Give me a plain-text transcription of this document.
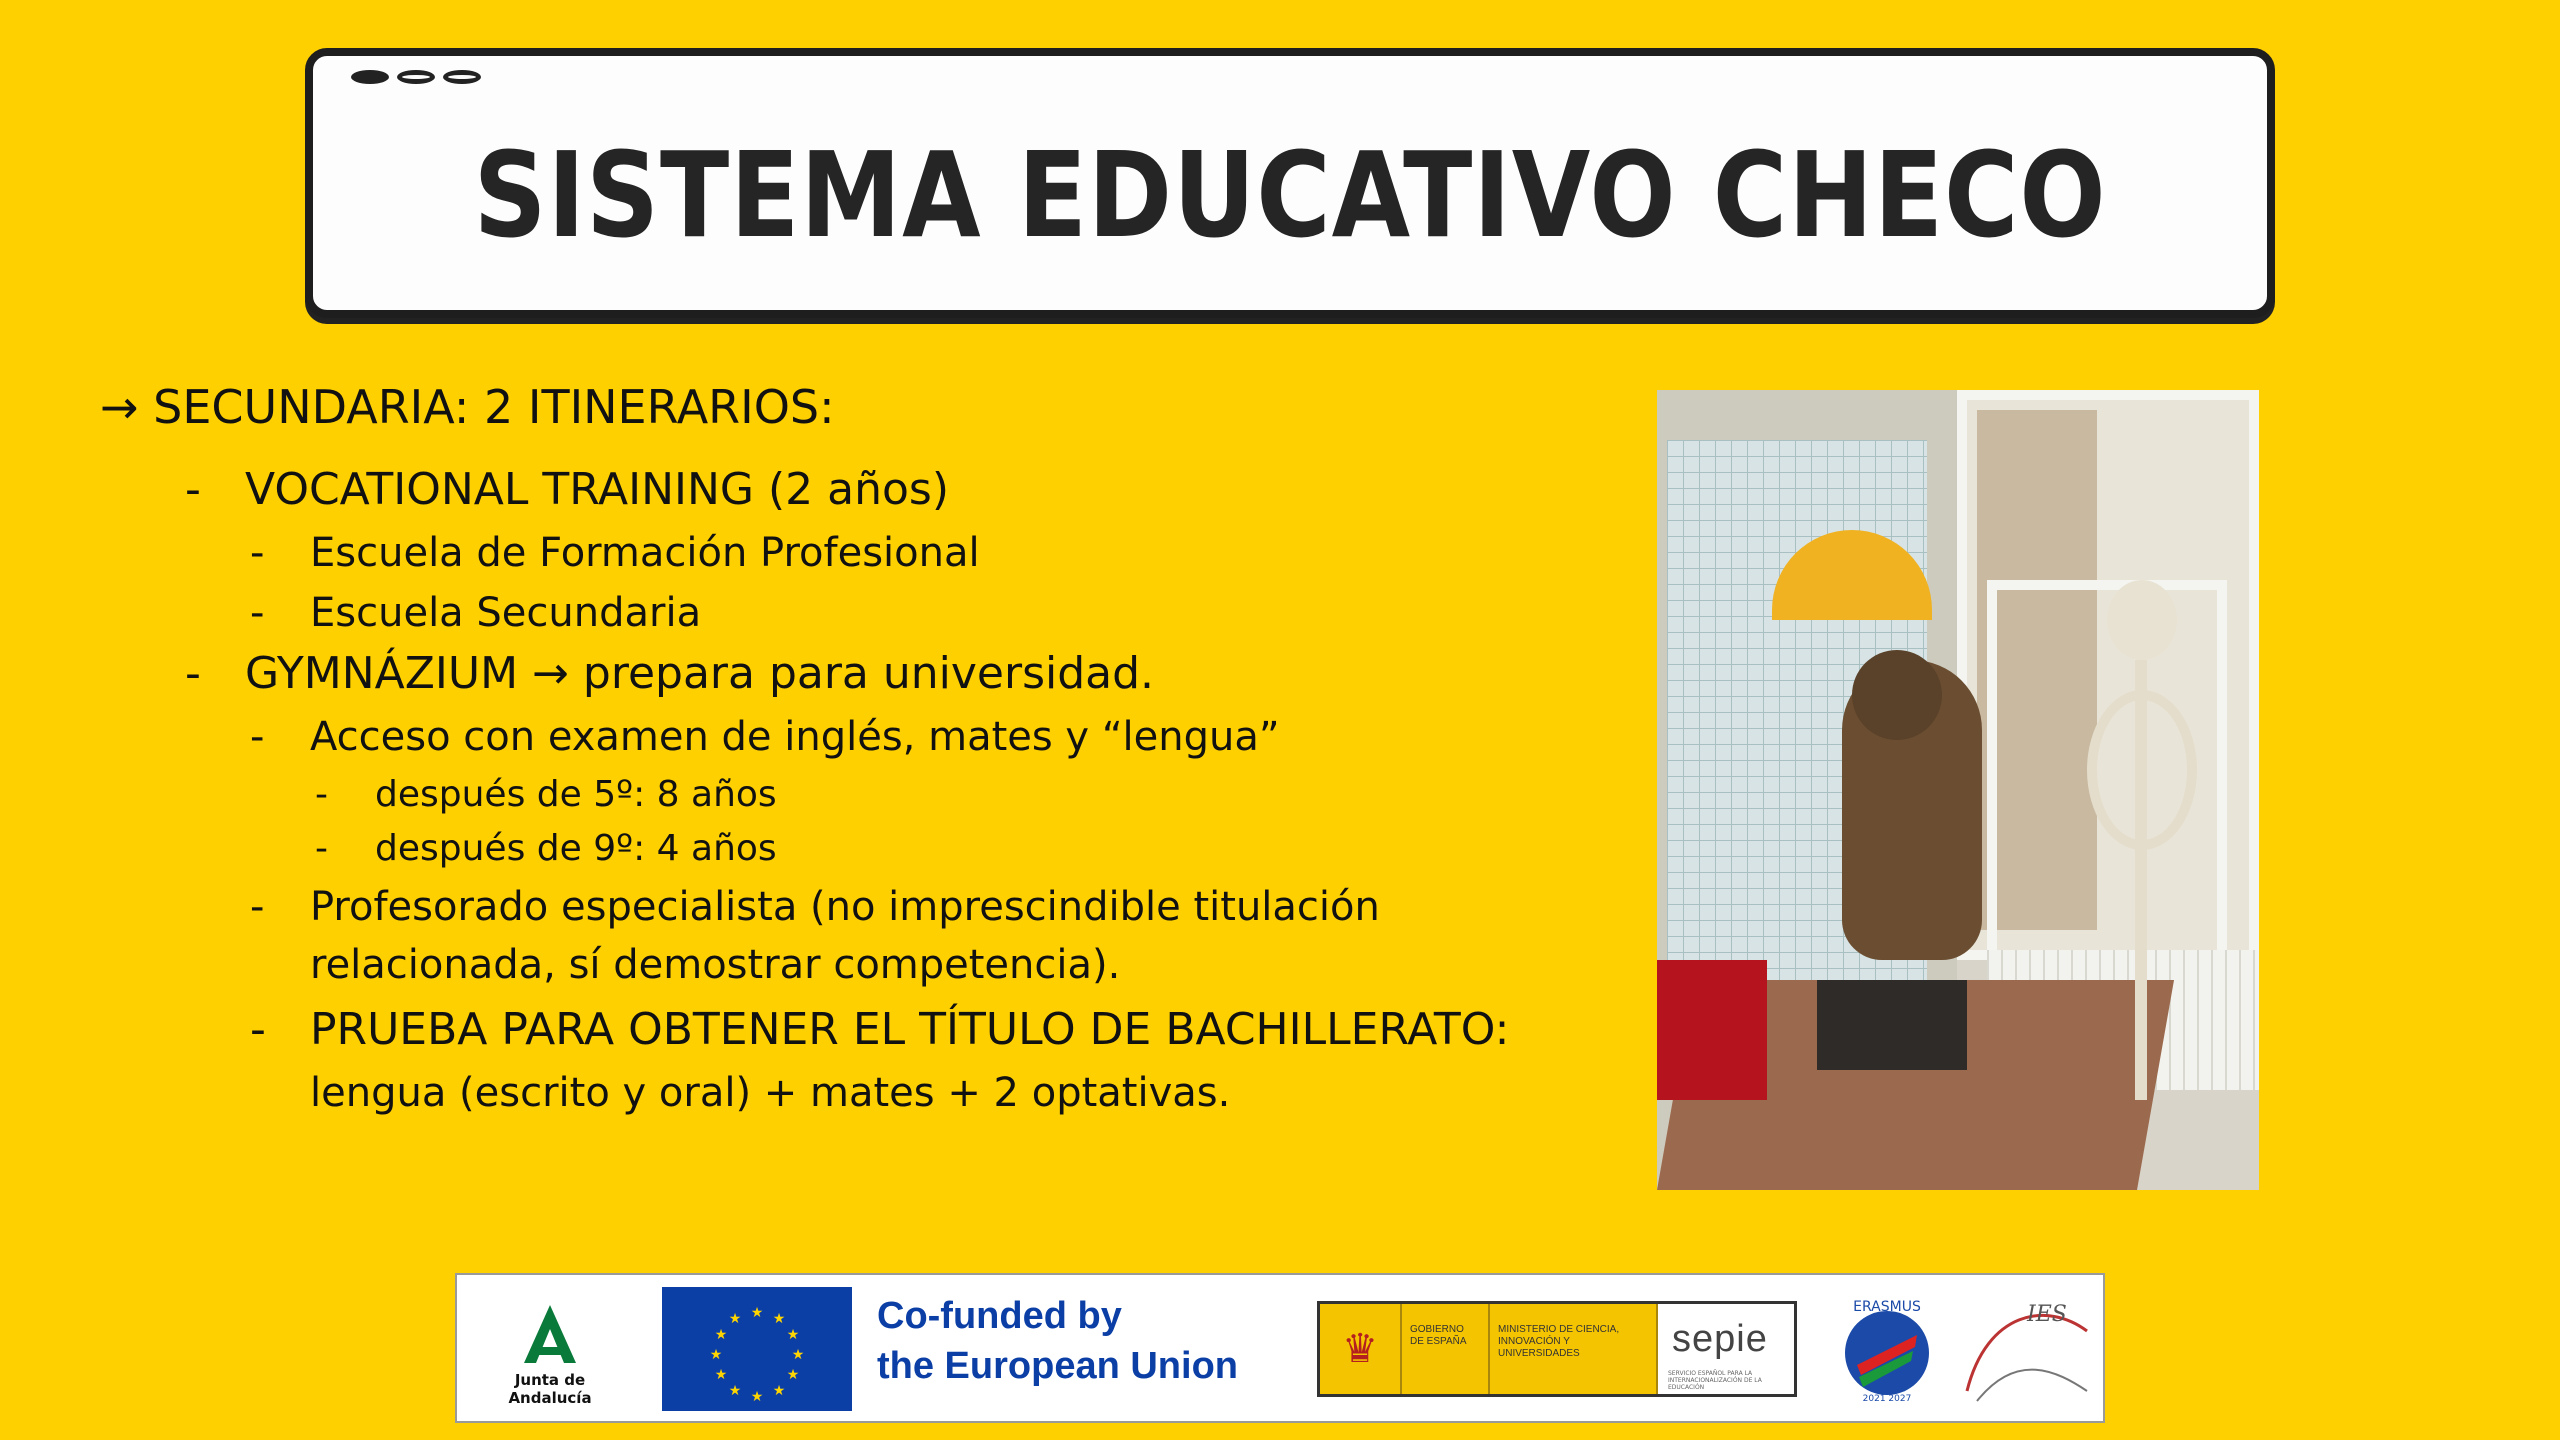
SISTEMA EDUCATIVO CHECO
→ SECUNDARIA: 2 ITINERARIOS:
- VOCATIONAL TRAINING (2 años)
- Escuela de Formación Profesional
- Escuela Secundaria
- GYMNÁZIUM → prepara para universidad.
- Acceso con examen de inglés, mates y “lengua”
- después de 5º: 8 años
- después de 9º: 4 años
- Profesorado especialista (no imprescindible titulación
relacionada, sí demostrar competencia).
- PRUEBA PARA OBTENER EL TÍTULO DE BACHILLERATO:
lengua (escrito y oral) + mates + 2 optativas.
Junta de Andalucía
★ ★
★
★
★
★
★
★
★
★
★
★	Co-funded by
the European Union	♛	GOBIERNO DE ESPAÑA
MINISTERIO DE CIENCIA, INNOVACIÓN Y UNIVERSIDADES	sepie
SERVICIO ESPAÑOL PARA LA INTERNACIONALIZACIÓN DE LA EDUCACIÓN
ERASMUS
2021 2027
IES
